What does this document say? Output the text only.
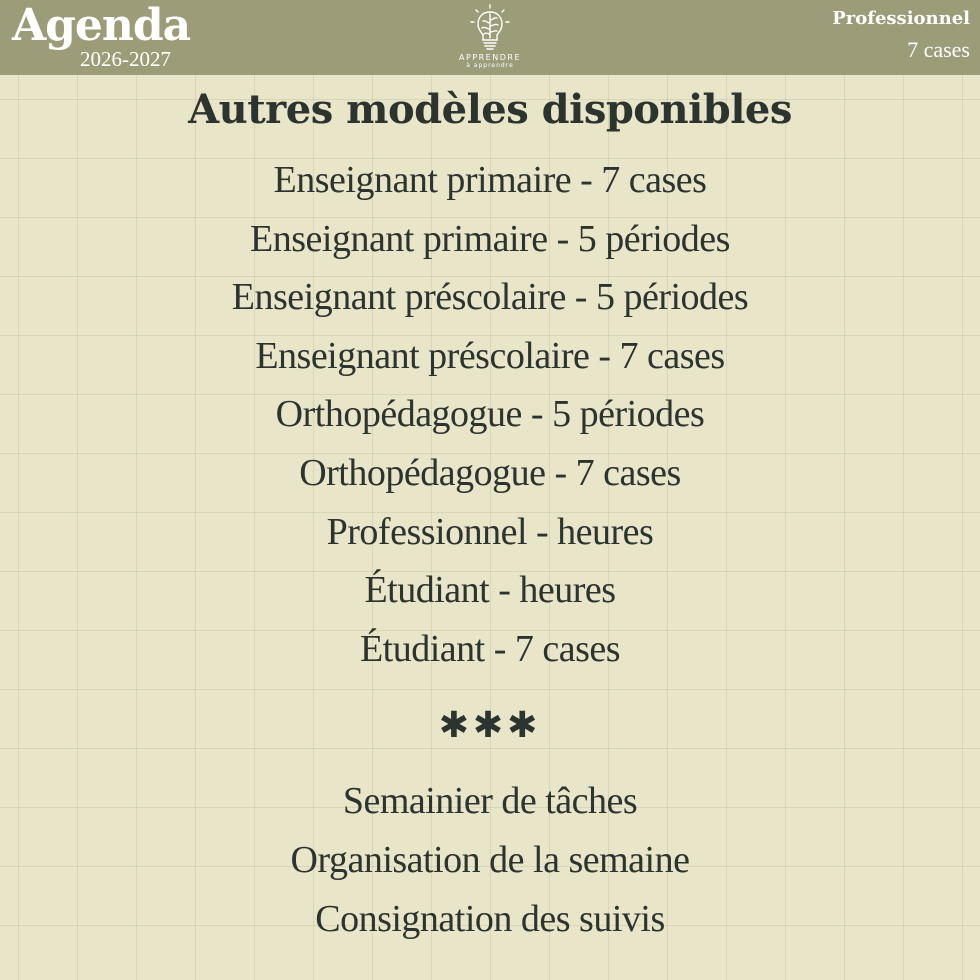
Agenda
2026-2027	APPRENDRE
à apprendre
Professionnel
7 cases
Autres modèles disponibles
Enseignant primaire - 7 cases
Enseignant primaire - 5 périodes
Enseignant préscolaire - 5 périodes
Enseignant préscolaire - 7 cases
Orthopédagogue - 5 périodes
Orthopédagogue - 7 cases
Professionnel - heures
Étudiant - heures
Étudiant - 7 cases
✱✱✱
Semainier de tâches
Organisation de la semaine
Consignation des suivis
